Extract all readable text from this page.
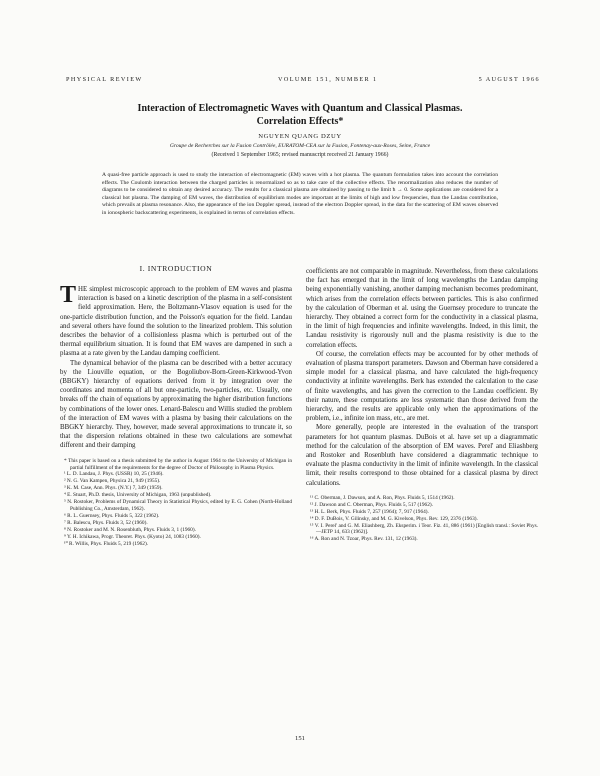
PHYSICAL REVIEW	VOLUME 151, NUMBER 1	5 AUGUST 1966
Interaction of Electromagnetic Waves with Quantum and Classical Plasmas.
Correlation Effects*
NGUYEN QUANG DZUY
Groupe de Recherches sur la Fusion Contrôlée, EURATOM-CEA sur la Fusion, Fontenay-aux-Roses, Seine, France
(Received 1 September 1965; revised manuscript received 21 January 1966)

A quasi-free particle approach is used to study the interaction of electromagnetic (EM) waves with a hot plasma. The quantum formulation takes into account the correlation effects. The Coulomb interaction between the charged particles is renormalized so as to take care of the collective effects. The renormalization also reduces the number of diagrams to be considered to obtain any desired accuracy. The results for a classical plasma are obtained by passing to the limit ħ → 0. Some applications are considered for a classical hot plasma. The damping of EM waves, the distribution of equilibrium modes are important at the limits of high and low frequencies, than the Landau contribution, which prevails at plasma resonance. Also, the appearance of the ion Doppler spread, instead of the electron Doppler spread, in the data for the scattering of EM waves observed in ionospheric backscattering experiments, is explained in terms of correlation effects.

I. INTRODUCTION

THE simplest microscopic approach to the problem of EM waves and plasma interaction is based on a kinetic description of the plasma in a self-consistent field approximation. Here, the Boltzmann-Vlasov equation is used for the one-particle distribution function, and the Poisson's equation for the field. Landau and several others have found the solution to the linearized problem. This solution describes the behavior of a collisionless plasma which is perturbed out of the thermal equilibrium situation. It is found that EM waves are dampened in such a plasma at a rate given by the Landau damping coefficient.

The dynamical behavior of the plasma can be described with a better accuracy by the Liouville equation, or the Bogoliubov-Born-Green-Kirkwood-Yvon (BBGKY) hierarchy of equations derived from it by integration over the coordinates and momenta of all but one-particle, two-particles, etc. Usually, one breaks off the chain of equations by approximating the higher distribution functions by combinations of the lower ones. Lenard-Balescu and Willis studied the problem of the interaction of EM waves with a plasma by basing their calculations on the BBGKY hierarchy. They, however, made several approximations to truncate it, so that the dispersion relations obtained in these two calculations are somewhat different and their damping

* This paper is based on a thesis submitted by the author in August 1964 to the University of Michigan in partial fulfillment of the requirements for the degree of Doctor of Philosophy in Plasma Physics.

¹ L. D. Landau, J. Phys. (USSR) 10, 25 (1946).

² N. G. Van Kampen, Physica 21, 949 (1955).

³ K. M. Case, Ann. Phys. (N.Y.) 7, 349 (1959).

⁴ E. Stuart, Ph.D. thesis, University of Michigan, 1963 (unpublished).

⁵ N. Rostoker, Problems of Dynamical Theory in Statistical Physics, edited by E. G. Cohen (North-Holland Publishing Co., Amsterdam, 1962).

⁶ R. L. Guernsey, Phys. Fluids 5, 322 (1962).

⁷ R. Balescu, Phys. Fluids 3, 52 (1960).

⁸ N. Rostoker and M. N. Rosenbluth, Phys. Fluids 3, 1 (1960).

⁹ Y. H. Ichikawa, Progr. Theoret. Phys. (Kyoto) 24, 1083 (1960).

¹⁰ R. Willis, Phys. Fluids 5, 219 (1962).

coefficients are not comparable in magnitude. Nevertheless, from these calculations the fact has emerged that in the limit of long wavelengths the Landau damping being exponentially vanishing, another damping mechanism becomes predominant, which arises from the correlation effects between particles. This is also confirmed by the calculation of Oberman et al. using the Guernsey procedure to truncate the hierarchy. They obtained a correct form for the conductivity in a classical plasma, in the limit of high frequencies and infinite wavelengths. Indeed, in this limit, the Landau resistivity is rigorously null and the plasma resistivity is due to the correlation effects.

Of course, the correlation effects may be accounted for by other methods of evaluation of plasma transport parameters. Dawson and Oberman have considered a simple model for a classical plasma, and have calculated the high-frequency conductivity at infinite wavelengths. Berk has extended the calculation to the case of finite wavelengths, and has given the correction to the Landau coefficient. By their nature, these computations are less systematic than those derived from the hierarchy, and the results are applicable only when the approximations of the problem, i.e., infinite ion mass, etc., are met.

More generally, people are interested in the evaluation of the transport parameters for hot quantum plasmas. DuBois et al. have set up a diagrammatic method for the calculation of the absorption of EM waves. Perel' and Eliashberg and Rostoker and Rosenbluth have considered a diagrammatic technique to evaluate the plasma conductivity in the limit of infinite wavelength. In the classical limit, their results correspond to those obtained for a classical plasma by direct calculations.

¹¹ C. Oberman, J. Dawson, and A. Ron, Phys. Fluids 5, 1514 (1962).

¹² J. Dawson and C. Oberman, Phys. Fluids 5, 517 (1962).

¹³ H. L. Berk, Phys. Fluids 7, 257 (1964); 7, 917 (1964).

¹⁴ D. F. DuBois, V. Gilinsky, and M. G. Kivelson, Phys. Rev. 129, 2376 (1963).

¹⁵ V. I. Perel' and G. M. Eliashberg, Zh. Eksperim. i Teor. Fiz. 41, 886 (1961) [English transl.: Soviet Phys.—JETP 14, 633 (1962)].

¹⁶ A. Ron and N. Tzoar, Phys. Rev. 131, 12 (1963).

151
